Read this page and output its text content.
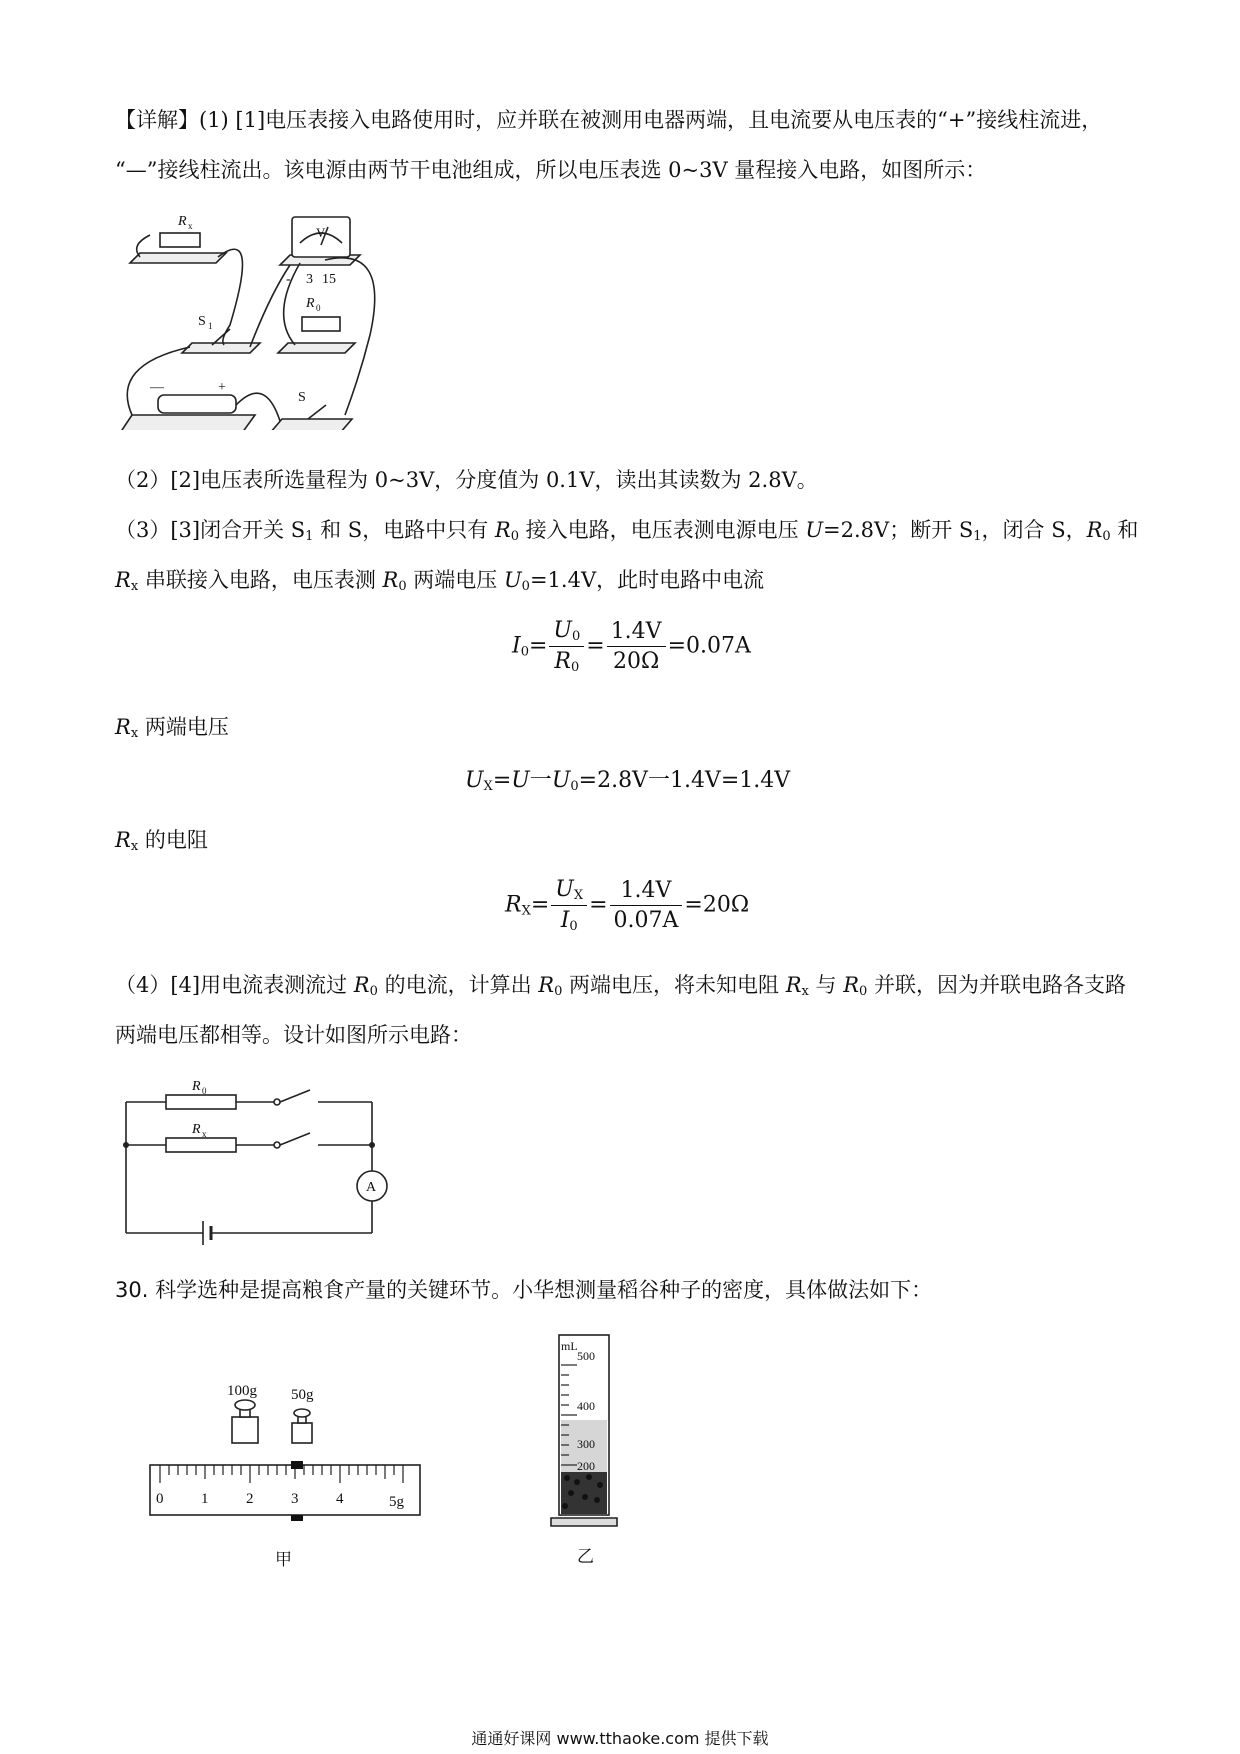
【详解】(1) [1]电压表接入电路使用时，应并联在被测用电器两端，且电流要从电压表的“+”接线柱流进，
“—”接线柱流出。该电源由两节干电池组成，所以电压表选 0~3V 量程接入电路，如图所示：
R x	V
- 3 15
S 1
R 0
—	+
S
（2）[2]电压表所选量程为 0~3V，分度值为 0.1V，读出其读数为 2.8V。
（3）[3]闭合开关 $S_1$ 和 S，电路中只有 $R_0$ 接入电路，电压表测电源电压 U=2.8V；断开 $S_1$，闭合 S，$R_0$ 和
$R_x$ 串联接入电路，电压表测 $R_0$ 两端电压 $U_0=1.4V$，此时电路中电流
$I_0= \frac{U_0}{R_0} = \frac{1.4V}{20\Omega} =0.07A$
$R_x$ 两端电压
$U_X=U$一$U_0=2.8V$一1.4V=1.4V
$R_x$ 的电阻
$R_X= \frac{U_X}{I_0} = \frac{1.4V}{0.07A} =20\Omega$
（4）[4]用电流表测流过 $R_0$ 的电流，计算出 $R_0$ 两端电压，将未知电阻 $R_x$ 与 $R_0$ 并联，因为并联电路各支路
两端电压都相等。设计如图所示电路：
R 0
R x
A
30. 科学选种是提高粮食产量的关键环节。小华想测量稻谷种子的密度，具体做法如下：
100g 50g
0	1	2	3	4	5g
甲
mL
500
400
300
200
乙
通通好课网 www.tthaoke.com 提供下载
